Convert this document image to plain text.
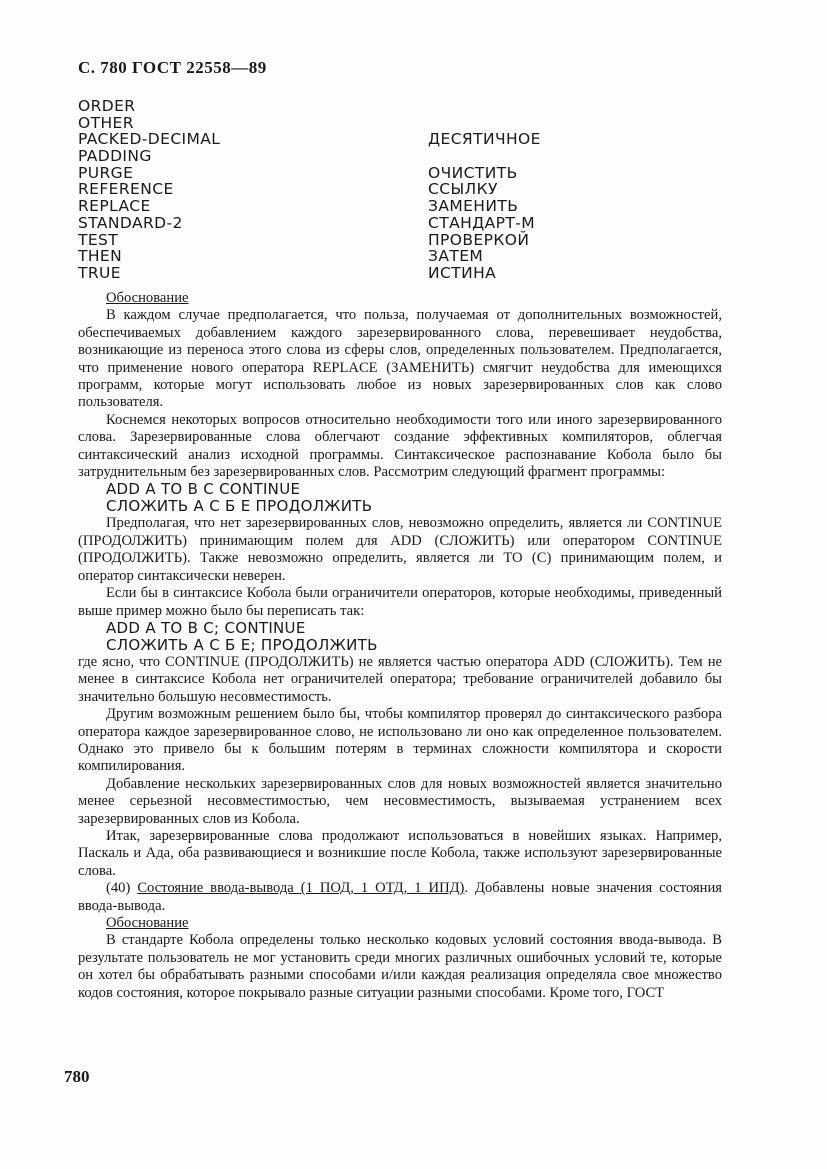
С. 780 ГОСТ 22558—89
ORDER
OTHER
PACKED-DECIMAL	ДЕСЯТИЧНОЕ
PADDING
PURGE	ОЧИСТИТЬ
REFERENCE	ССЫЛКУ
REPLACE	ЗАМЕНИТЬ
STANDARD-2	СТАНДАРТ-М
TEST	ПРОВЕРКОЙ
THEN	ЗАТЕМ
TRUE	ИСТИНА

Обоснование

В каждом случае предполагается, что польза, получаемая от дополнительных возможностей, обеспечиваемых добавлением каждого зарезервированного слова, перевешивает неудобства, возникающие из переноса этого слова из сферы слов, определенных пользователем. Предполагается, что применение нового оператора REPLACE (ЗАМЕНИТЬ) смягчит неудобства для имеющихся программ, которые могут использовать любое из новых зарезервированных слов как слово пользователя.

Коснемся некоторых вопросов относительно необходимости того или иного зарезервированного слова. Зарезервированные слова облегчают создание эффективных компиляторов, облегчая синтаксический анализ исходной программы. Синтаксическое распознавание Кобола было бы затруднительным без зарезервированных слов. Рассмотрим следующий фрагмент программы:

ADD A TO B C CONTINUE

СЛОЖИТЬ А С Б Е ПРОДОЛЖИТЬ

Предполагая, что нет зарезервированных слов, невозможно определить, является ли CONTINUE (ПРОДОЛЖИТЬ) принимающим полем для ADD (СЛОЖИТЬ) или оператором CONTINUE (ПРОДОЛЖИТЬ). Также невозможно определить, является ли TO (С) принимающим полем, и оператор синтаксически неверен.

Если бы в синтаксисе Кобола были ограничители операторов, которые необходимы, приведенный выше пример можно было бы переписать так:

ADD A TO B C; CONTINUE

СЛОЖИТЬ А С Б Е; ПРОДОЛЖИТЬ

где ясно, что CONTINUE (ПРОДОЛЖИТЬ) не является частью оператора ADD (СЛОЖИТЬ). Тем не менее в синтаксисе Кобола нет ограничителей оператора; требование ограничителей добавило бы значительно большую несовместимость.

Другим возможным решением было бы, чтобы компилятор проверял до синтаксического разбора оператора каждое зарезервированное слово, не использовано ли оно как определенное пользователем. Однако это привело бы к большим потерям в терминах сложности компилятора и скорости компилирования.

Добавление нескольких зарезервированных слов для новых возможностей является значительно менее серьезной несовместимостью, чем несовместимость, вызываемая устранением всех зарезервированных слов из Кобола.

Итак, зарезервированные слова продолжают использоваться в новейших языках. Например, Паскаль и Ада, оба развивающиеся и возникшие после Кобола, также используют зарезервированные слова.

(40) Состояние ввода-вывода (1 ПОД, 1 ОТД, 1 ИПД). Добавлены новые значения состояния ввода-вывода.

Обоснование

В стандарте Кобола определены только несколько кодовых условий состояния ввода-вывода. В результате пользователь не мог установить среди многих различных ошибочных условий те, которые он хотел бы обрабатывать разными способами и/или каждая реализация определяла свое множество кодов состояния, которое покрывало разные ситуации разными способами. Кроме того, ГОСТ

780
